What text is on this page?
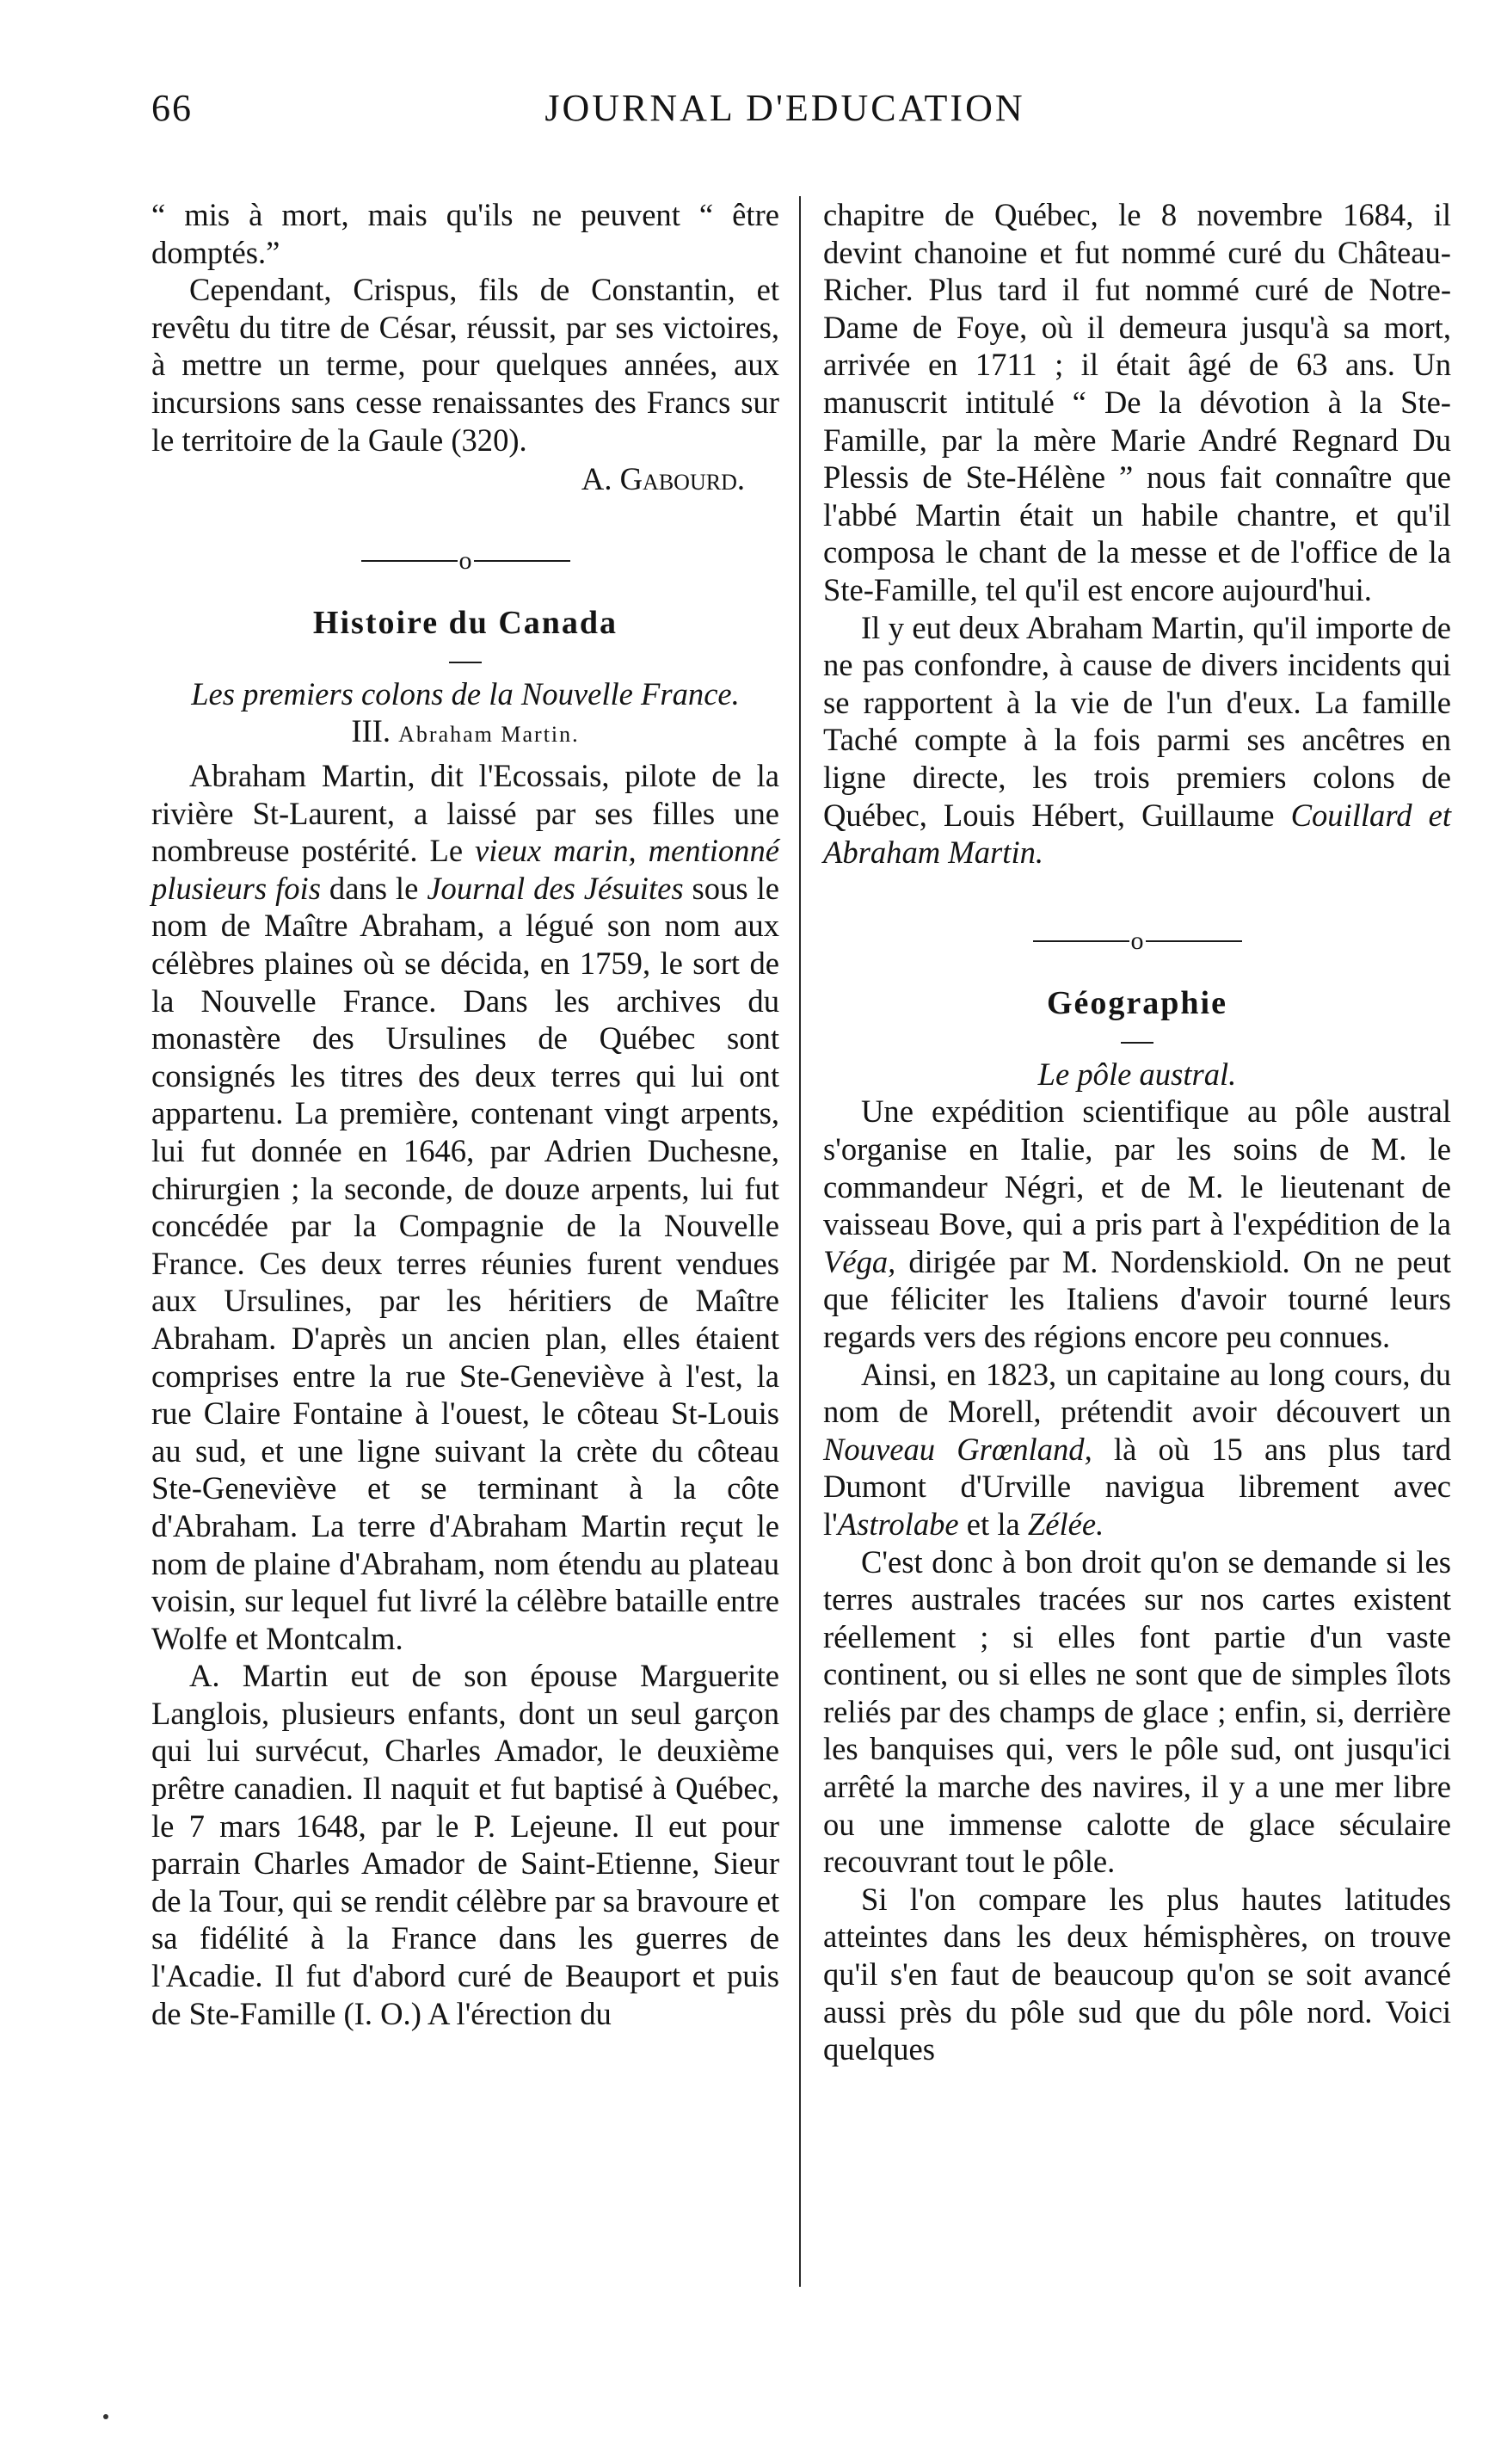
66	JOURNAL D'EDUCATION

“ mis à mort, mais qu'ils ne peuvent “ être domptés.”

Cependant, Crispus, fils de Constantin, et revêtu du titre de César, réussit, par ses victoires, à mettre un terme, pour quelques années, aux incursions sans cesse renaissantes des Francs sur le territoire de la Gaule (320).

A. Gabourd.
o
Histoire du Canada
Les premiers colons de la Nouvelle France.
III. Abraham Martin.

Abraham Martin, dit l'Ecossais, pilote de la rivière St-Laurent, a laissé par ses filles une nombreuse postérité. Le vieux marin, mentionné plusieurs fois dans le Journal des Jésuites sous le nom de Maître Abraham, a légué son nom aux célèbres plaines où se décida, en 1759, le sort de la Nouvelle France. Dans les archives du monastère des Ursulines de Québec sont consignés les titres des deux terres qui lui ont appartenu. La première, contenant vingt arpents, lui fut donnée en 1646, par Adrien Duchesne, chirurgien ; la seconde, de douze arpents, lui fut concédée par la Compagnie de la Nouvelle France. Ces deux terres réunies furent vendues aux Ursulines, par les héritiers de Maître Abraham. D'après un ancien plan, elles étaient comprises entre la rue Ste-Geneviève à l'est, la rue Claire Fontaine à l'ouest, le côteau St-Louis au sud, et une ligne suivant la crète du côteau Ste-Geneviève et se terminant à la côte d'Abraham. La terre d'Abraham Martin reçut le nom de plaine d'Abraham, nom étendu au plateau voisin, sur lequel fut livré la célèbre bataille entre Wolfe et Montcalm.

A. Martin eut de son épouse Marguerite Langlois, plusieurs enfants, dont un seul garçon qui lui survécut, Charles Amador, le deuxième prêtre canadien. Il naquit et fut baptisé à Québec, le 7 mars 1648, par le P. Lejeune. Il eut pour parrain Charles Amador de Saint-Etienne, Sieur de la Tour, qui se rendit célèbre par sa bravoure et sa fidélité à la France dans les guerres de l'Acadie. Il fut d'abord curé de Beauport et puis de Ste-Famille (I. O.) A l'érection du

chapitre de Québec, le 8 novembre 1684, il devint chanoine et fut nommé curé du Château-Richer. Plus tard il fut nommé curé de Notre-Dame de Foye, où il demeura jusqu'à sa mort, arrivée en 1711 ; il était âgé de 63 ans. Un manuscrit intitulé “ De la dévotion à la Ste-Famille, par la mère Marie André Regnard Du Plessis de Ste-Hélène ” nous fait connaître que l'abbé Martin était un habile chantre, et qu'il composa le chant de la messe et de l'office de la Ste-Famille, tel qu'il est encore aujourd'hui.

Il y eut deux Abraham Martin, qu'il importe de ne pas confondre, à cause de divers incidents qui se rapportent à la vie de l'un d'eux. La famille Taché compte à la fois parmi ses ancêtres en ligne directe, les trois premiers colons de Québec, Louis Hébert, Guillaume Couillard et Abraham Martin.

o
Géographie
Le pôle austral.

Une expédition scientifique au pôle austral s'organise en Italie, par les soins de M. le commandeur Négri, et de M. le lieutenant de vaisseau Bove, qui a pris part à l'expédition de la Véga, dirigée par M. Nordenskiold. On ne peut que féliciter les Italiens d'avoir tourné leurs regards vers des régions encore peu connues.

Ainsi, en 1823, un capitaine au long cours, du nom de Morell, prétendit avoir découvert un Nouveau Grœnland, là où 15 ans plus tard Dumont d'Urville navigua librement avec l'Astrolabe et la Zélée.

C'est donc à bon droit qu'on se demande si les terres australes tracées sur nos cartes existent réellement ; si elles font partie d'un vaste continent, ou si elles ne sont que de simples îlots reliés par des champs de glace ; enfin, si, derrière les banquises qui, vers le pôle sud, ont jusqu'ici arrêté la marche des navires, il y a une mer libre ou une immense calotte de glace séculaire recouvrant tout le pôle.

Si l'on compare les plus hautes latitudes atteintes dans les deux hémisphères, on trouve qu'il s'en faut de beaucoup qu'on se soit avancé aussi près du pôle sud que du pôle nord. Voici quelques
